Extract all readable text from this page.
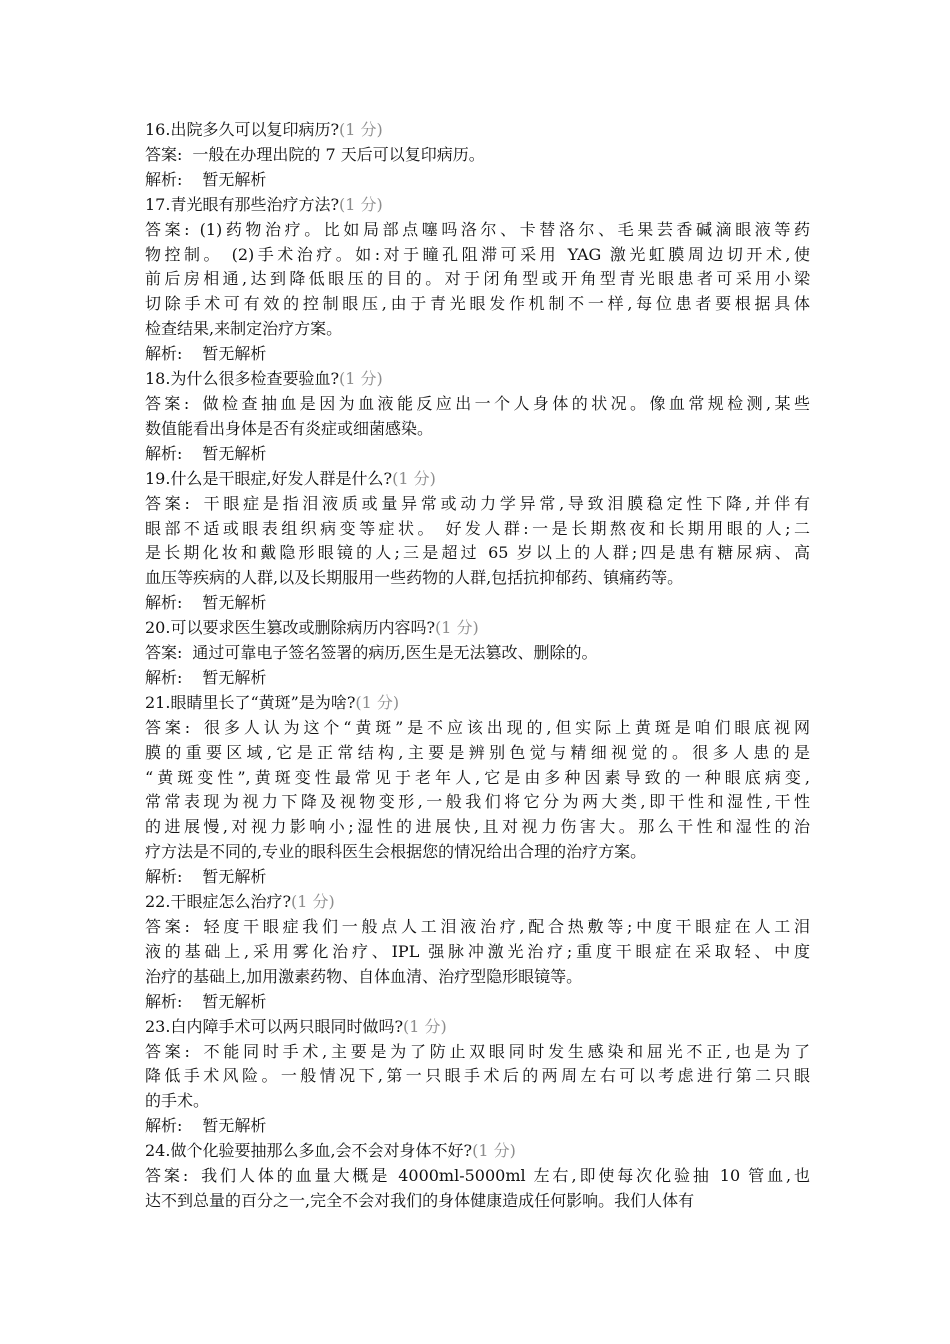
16.出院多久可以复印病历?(1 分)
答案: 一般在办理出院的 7 天后可以复印病历。
解析: 暂无解析
17.青光眼有那些治疗方法?(1 分)
答案: (1)药物治疗。比如局部点噻吗洛尔、卡替洛尔、毛果芸香碱滴眼液等药
物控制。 (2)手术治疗。如:对于瞳孔阻滞可采用 YAG 激光虹膜周边切开术,使
前后房相通,达到降低眼压的目的。对于闭角型或开角型青光眼患者可采用小梁
切除手术可有效的控制眼压,由于青光眼发作机制不一样,每位患者要根据具体
检查结果,来制定治疗方案。
解析: 暂无解析
18.为什么很多检查要验血?(1 分)
答案: 做检查抽血是因为血液能反应出一个人身体的状况。像血常规检测,某些
数值能看出身体是否有炎症或细菌感染。
解析: 暂无解析
19.什么是干眼症,好发人群是什么?(1 分)
答案: 干眼症是指泪液质或量异常或动力学异常,导致泪膜稳定性下降,并伴有
眼部不适或眼表组织病变等症状。 好发人群:一是长期熬夜和长期用眼的人;二
是长期化妆和戴隐形眼镜的人;三是超过 65 岁以上的人群;四是患有糖尿病、高
血压等疾病的人群,以及长期服用一些药物的人群,包括抗抑郁药、镇痛药等。
解析: 暂无解析
20.可以要求医生篡改或删除病历内容吗?(1 分)
答案: 通过可靠电子签名签署的病历,医生是无法篡改、删除的。
解析: 暂无解析
21.眼睛里长了“黄斑”是为啥?(1 分)
答案: 很多人认为这个“黄斑”是不应该出现的,但实际上黄斑是咱们眼底视网
膜的重要区域,它是正常结构,主要是辨别色觉与精细视觉的。很多人患的是
“黄斑变性”,黄斑变性最常见于老年人,它是由多种因素导致的一种眼底病变,
常常表现为视力下降及视物变形,一般我们将它分为两大类,即干性和湿性,干性
的进展慢,对视力影响小;湿性的进展快,且对视力伤害大。那么干性和湿性的治
疗方法是不同的,专业的眼科医生会根据您的情况给出合理的治疗方案。
解析: 暂无解析
22.干眼症怎么治疗?(1 分)
答案: 轻度干眼症我们一般点人工泪液治疗,配合热敷等;中度干眼症在人工泪
液的基础上,采用雾化治疗、IPL 强脉冲激光治疗;重度干眼症在采取轻、中度
治疗的基础上,加用激素药物、自体血清、治疗型隐形眼镜等。
解析: 暂无解析
23.白内障手术可以两只眼同时做吗?(1 分)
答案: 不能同时手术,主要是为了防止双眼同时发生感染和屈光不正,也是为了
降低手术风险。一般情况下,第一只眼手术后的两周左右可以考虑进行第二只眼
的手术。
解析: 暂无解析
24.做个化验要抽那么多血,会不会对身体不好?(1 分)
答案: 我们人体的血量大概是 4000ml-5000ml 左右,即使每次化验抽 10 管血,也
达不到总量的百分之一,完全不会对我们的身体健康造成任何影响。我们人体有
